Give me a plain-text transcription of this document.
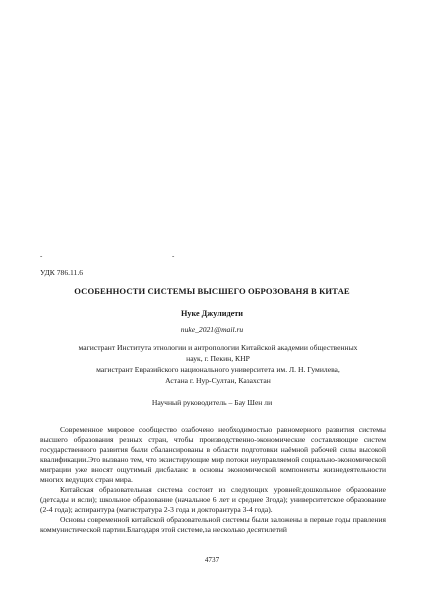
-	-
УДК 786.11.6
ОСОБЕННОСТИ СИСТЕМЫ ВЫСШЕГО ОБРОЗОВАНЯ В КИТАЕ
Нуке Джулидети
nuke_2021@mail.ru
магистрант Института этнологии и антропологии Китайской академии общественных
наук, г. Пекин, КНР
магистрант Евразийского национального университета им. Л. Н. Гумилева,
Астана г. Нур-Султан, Казахстан
Научный руководитель – Бау Шен ли

Современное мировое сообщество озабочено необходимостью равномерного развития системы высшего образования резных стран, чтобы производственно-экономические составляющие систем государственного развития были сбалансированы в области подготовки наёмной рабочей силы высокой квалификации.Это вызвано тем, что экзистирующие мир потоки неуправляемой социально-экономической миграции уже вносят ощутимый дисбаланс в основы экономической компоненты жизнедеятельности многих ведущих стран мира.

Китайская образовательная система состоит из следующих уровней:дошкольное образование (детсады и ясли); школьное образование (начальное 6 лет и среднее 3года); университетское образование (2-4 года); аспирантура (магистратура 2-3 года и докторантура 3-4 года).

Основы современной китайской образовательной системы были заложены в первые годы правления коммунистической партии.Благодаря этой системе,за несколько десятилетий

4737
